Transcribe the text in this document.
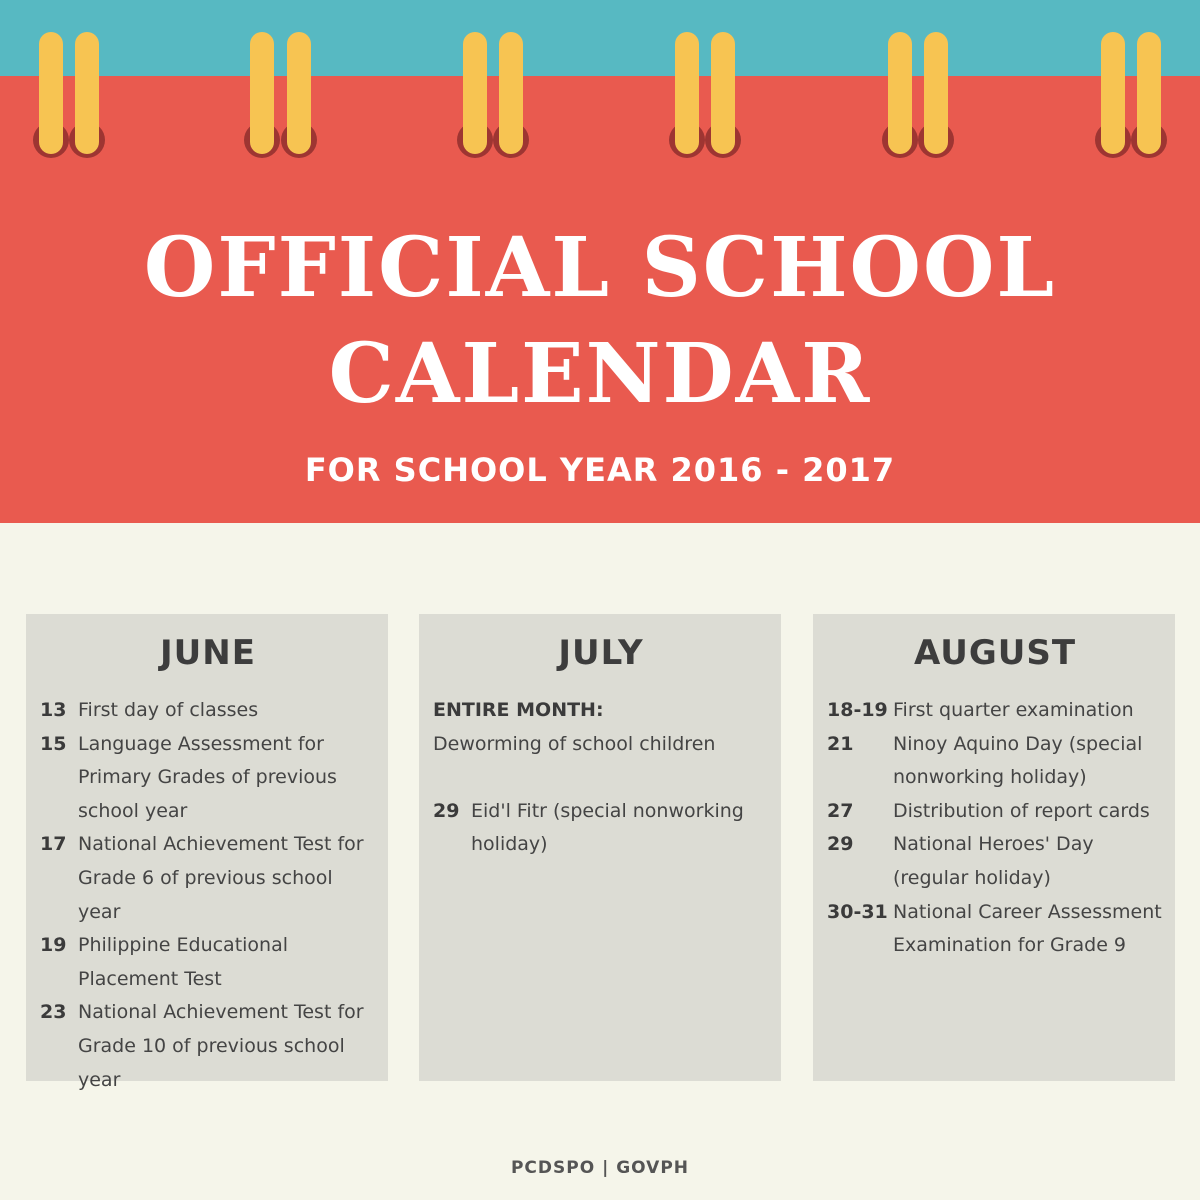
OFFICIAL SCHOOL
CALENDAR
FOR SCHOOL YEAR 2016 - 2017
JUNE
13 First day of classes
15 Language Assessment for Primary Grades of previous school year
17 National Achievement Test for Grade 6 of previous school year
19 Philippine Educational Placement Test
23 National Achievement Test for Grade 10 of previous school year
JULY
ENTIRE MONTH:
Deworming of school children
29 Eid'l Fitr (special nonworking holiday)
AUGUST
18-19 First quarter examination
21	Ninoy Aquino Day (special nonworking holiday)
27	Distribution of report cards
29	National Heroes' Day (regular holiday)
30-31 National Career Assessment Examination for Grade 9
PCDSPO | GOVPH
